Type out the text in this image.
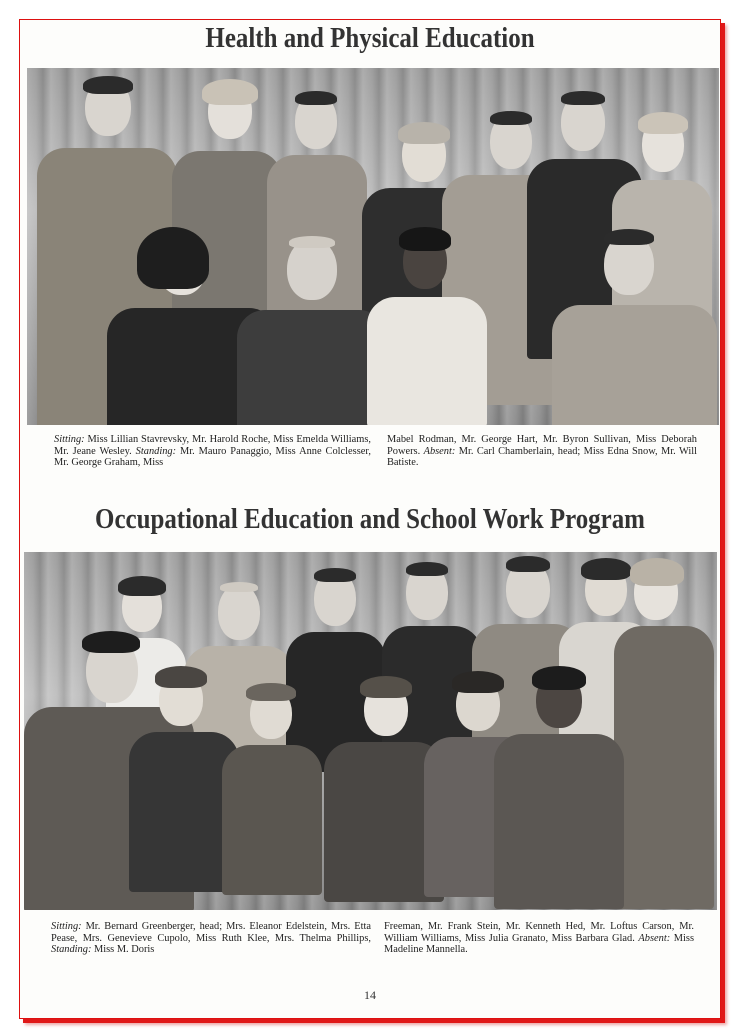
Health and Physical Education
Sitting: Miss Lillian Stavrevsky, Mr. Harold Roche, Miss Emelda Williams, Mr. Jeane Wesley. Standing: Mr. Mauro Panaggio, Miss Anne Colclesser, Mr. George Graham, Miss
Mabel Rodman, Mr. George Hart, Mr. Byron Sullivan, Miss Deborah Powers. Absent: Mr. Carl Chamberlain, head; Miss Edna Snow, Mr. Will Batiste.
Occupational Education and School Work Program
Sitting: Mr. Bernard Greenberger, head; Mrs. Eleanor Edelstein, Mrs. Etta Pease, Mrs. Genevieve Cupolo, Miss Ruth Klee, Mrs. Thelma Phillips, Standing: Miss M. Doris
Freeman, Mr. Frank Stein, Mr. Kenneth Hed, Mr. Loftus Carson, Mr. William Williams, Miss Julia Granato, Miss Barbara Glad. Absent: Miss Madeline Mannella.
14
